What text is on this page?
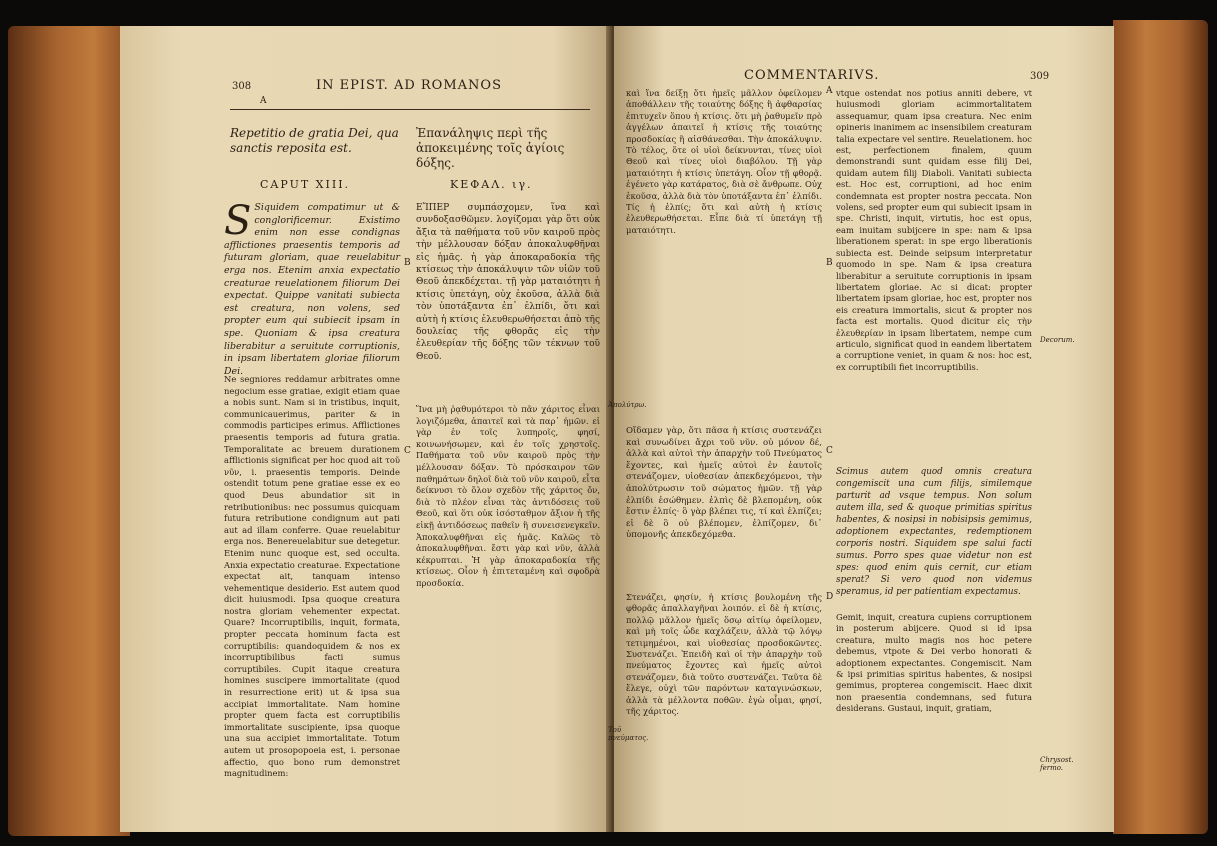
308	IN EPIST. AD ROMANOS
A
Repetitio de gratia Dei, qua sanctis reposita est.
Ἐπανάληψις περὶ τῆς ἀποκειμένης τοῖς ἁγίοις δόξης.
CAPUT XIII.	ΚΕΦΑΛ. ιγ.
S Siquidem compatimur ut & conglorificemur. Existimo enim non esse condignas afflictiones praesentis temporis ad futuram gloriam, quae reuelabitur erga nos. Etenim anxia expectatio creaturae reuelationem filiorum Dei expectat. Quippe vanitati subiecta est creatura, non volens, sed propter eum qui subiecit ipsam in spe. Quoniam & ipsa creatura liberabitur a seruitute corruptionis, in ipsam libertatem gloriae filiorum Dei.
Ne segniores reddamur arbitrates omne negocium esse gratiae, exigit etiam quae a nobis sunt. Nam si in tristibus, inquit, communicauerimus, pariter & in commodis participes erimus. Afflictiones praesentis temporis ad futura gratia. Temporalitate ac breuem durationem afflictionis significat per hoc quod ait τοῦ νῦν, i. praesentis temporis. Deinde ostendit totum pene gratiae esse ex eo quod Deus abundatior sit in retributionibus: nec possumus quicquam futura retributione condignum aut pati aut ad illam conferre. Quae reuelabitur erga nos. Benereuelabitur sue detegetur. Etenim nunc quoque est, sed occulta. Anxia expectatio creaturae. Expectatione expectat ait, tanquam intenso vehementique desiderio. Est autem quod dicit huiusmodi. Ipsa quoque creatura nostra gloriam vehementer expectat. Quare? Incorruptibilis, inquit, formata, propter peccata hominum facta est corruptibilis: quandoquidem & nos ex incorruptibilibus facti sumus corruptibiles. Cupit itaque creatura homines suscipere immortalitate (quod in resurrectione erit) ut & ipsa sua accipiat immortalitate. Nam homine propter quem facta est corruptibilis immortalitate suscipiente, ipsa quoque una sua accipiet immortalitate. Totum autem ut prosopopoeia est, i. personae affectio, quo bono rum demonstret magnitudinem:
B
C
ΕἼΠΕΡ συμπάσχομεν, ἵνα καὶ συνδοξασθῶμεν. λογίζομαι γὰρ ὅτι οὐκ ἄξια τὰ παθήματα τοῦ νῦν καιροῦ πρὸς τὴν μέλλουσαν δόξαν ἀποκαλυφθῆναι εἰς ἡμᾶς. ἡ γὰρ ἀποκαραδοκία τῆς κτίσεως τὴν ἀποκάλυψιν τῶν υἱῶν τοῦ Θεοῦ ἀπεκδέχεται. τῇ γὰρ ματαιότητι ἡ κτίσις ὑπετάγη, οὐχ ἑκοῦσα, ἀλλὰ διὰ τὸν ὑποτάξαντα ἐπ᾽ ἐλπίδι, ὅτι καὶ αὐτὴ ἡ κτίσις ἐλευθερωθήσεται ἀπὸ τῆς δουλείας τῆς φθορᾶς εἰς τὴν ἐλευθερίαν τῆς δόξης τῶν τέκνων τοῦ Θεοῦ.
Ἵνα μὴ ῥᾳθυμότεροι τὸ πᾶν χάριτος εἶναι λογιζόμεθα, ἀπαιτεῖ καὶ τὰ παρ᾽ ἡμῶν. εἰ γὰρ ἐν τοῖς λυπηροῖς, φησί, κοινωνήσωμεν, καὶ ἐν τοῖς χρηστοῖς. Παθήματα τοῦ νῦν καιροῦ πρὸς τὴν μέλλουσαν δόξαν. Τὸ πρόσκαιρον τῶν παθημάτων δηλοῖ διὰ τοῦ νῦν καιροῦ, εἶτα δείκνυσι τὸ ὅλον σχεδὸν τῆς χάριτος ὄν, διὰ τὸ πλέον εἶναι τὰς ἀντιδόσεις τοῦ Θεοῦ, καὶ ὅτι οὐκ ἰσόσταθμον ἄξιον ἡ τῆς εἰκῇ ἀντιδόσεως παθεῖν ἢ συνεισενεγκεῖν. Ἀποκαλυφθῆναι εἰς ἡμᾶς. Καλῶς τὸ ἀποκαλυφθῆναι. ἔστι γὰρ καὶ νῦν, ἀλλὰ κέκρυπται. Ἡ γὰρ ἀποκαραδοκία τῆς κτίσεως. Οἷον ἡ ἐπιτεταμένη καὶ σφοδρὰ προσδοκία.
COMMENTARIVS.	309
καὶ ἵνα δείξῃ ὅτι ἡμεῖς μᾶλλον ὀφείλομεν ἀποθάλλειν τῆς τοιαύτης δόξης ἢ ἀφθαρσίας ἐπιτυχεῖν ὅπου ἡ κτίσις. ὅτι μὴ ῥαθυμεῖν πρὸ ἀγγέλων ἀπαιτεῖ ἡ κτίσις τῆς τοιαύτης προσδοκίας ἢ αἰσθάνεσθαι. Τὴν ἀποκάλυψιν. Τὸ τέλος, ὅτε οἱ υἱοὶ δείκνυνται, τίνες υἱοὶ Θεοῦ καὶ τίνες υἱοὶ διαβόλου. Τῇ γὰρ ματαιότητι ἡ κτίσις ὑπετάγη. Οἷον τῇ φθορᾷ. ἐγένετο γὰρ κατάρατος, διὰ σὲ ἄνθρωπε. Οὐχ ἑκοῦσα, ἀλλὰ διὰ τὸν ὑποτάξαντα ἐπ᾽ ἐλπίδι. Τίς ἡ ἐλπίς; ὅτι καὶ αὐτὴ ἡ κτίσις ἐλευθερωθήσεται. Εἶπε διὰ τί ὑπετάγη τῇ ματαιότητι.
Οἴδαμεν γὰρ, ὅτι πᾶσα ἡ κτίσις συστενάζει καὶ συνωδίνει ἄχρι τοῦ νῦν. οὐ μόνον δέ, ἀλλὰ καὶ αὐτοὶ τὴν ἀπαρχὴν τοῦ Πνεύματος ἔχοντες, καὶ ἡμεῖς αὐτοὶ ἐν ἑαυτοῖς στενάζομεν, υἱοθεσίαν ἀπεκδεχόμενοι, τὴν ἀπολύτρωσιν τοῦ σώματος ἡμῶν. τῇ γὰρ ἐλπίδι ἐσώθημεν. ἐλπὶς δὲ βλεπομένη, οὐκ ἔστιν ἐλπίς· ὃ γὰρ βλέπει τις, τί καὶ ἐλπίζει; εἰ δὲ ὃ οὐ βλέπομεν, ἐλπίζομεν, δι᾽ ὑπομονῆς ἀπεκδεχόμεθα.
Στενάζει, φησίν, ἡ κτίσις βουλομένη τῆς φθορᾶς ἀπαλλαγῆναι λοιπόν. εἰ δὲ ἡ κτίσις, πολλῷ μᾶλλον ἡμεῖς ὅσῳ αἰτίῳ ὀφείλομεν, καὶ μὴ τοῖς ὧδε καχλάζειν, ἀλλὰ τῷ λόγῳ τετιμημένοι, καὶ υἱοθεσίας προσδοκῶντες. Συστενάζει. Ἐπειδὴ καὶ οἱ τὴν ἀπαρχὴν τοῦ πνεύματος ἔχοντες καὶ ἡμεῖς αὐτοὶ στενάζομεν, διὰ τοῦτο συστενάζει. Ταῦτα δὲ ἔλεγε, οὐχὶ τῶν παρόντων καταγινώσκων, ἀλλὰ τὰ μέλλοντα ποθῶν. ἐγὼ οἶμαι, φησί, τῆς χάριτος.
A
B
C
D
vtque ostendat nos potius anniti debere, vt huiusmodi gloriam acimmortalitatem assequamur, quam ipsa creatura. Nec enim opineris inanimem ac insensibilem creaturam talia expectare vel sentire. Reuelationem. hoc est, perfectionem finalem, quum demonstrandi sunt quidam esse filij Dei, quidam autem filij Diaboli. Vanitati subiecta est. Hoc est, corruptioni, ad hoc enim condemnata est propter nostra peccata. Non volens, sed propter eum qui subiecit ipsam in spe. Christi, inquit, virtutis, hoc est opus, eam inuitam subijcere in spe: nam & ipsa liberationem sperat: in spe ergo liberationis subiecta est. Deinde seipsum interpretatur quomodo in spe. Nam & ipsa creatura liberabitur a seruitute corruptionis in ipsam libertatem gloriae. Ac si dicat: propter libertatem ipsam gloriae, hoc est, propter nos eis creatura immortalis, sicut & propter nos facta est mortalis. Quod dicitur εἰς τὴν ἐλευθερίαν in ipsam libertatem, nempe cum articulo, significat quod in eandem libertatem a corruptione veniet, in quam & nos: hoc est, ex corruptibili fiet incorruptibilis.
Scimus autem quod omnis creatura congemiscit una cum filijs, similemque parturit ad vsque tempus. Non solum autem illa, sed & quoque primitias spiritus habentes, & nosipsi in nobisipsis gemimus, adoptionem expectantes, redemptionem corporis nostri. Siquidem spe salui facti sumus. Porro spes quae videtur non est spes: quod enim quis cernit, cur etiam sperat? Si vero quod non videmus speramus, id per patientiam expectamus.
Gemit, inquit, creatura cupiens corruptionem in posterum abijcere. Quod si id ipsa creatura, multo magis nos hoc petere debemus, vtpote & Dei verbo honorati & adoptionem expectantes. Congemiscit. Nam & ipsi primitias spiritus habentes, & nosipsi gemimus, propterea congemiscit. Haec dixit non praesentia condemnans, sed futura desiderans. Gustaui, inquit, gratiam,
Ἀπολύτρω.
Decorum.
Τοῦ πνεύματος.
Chrysost. fermo.
